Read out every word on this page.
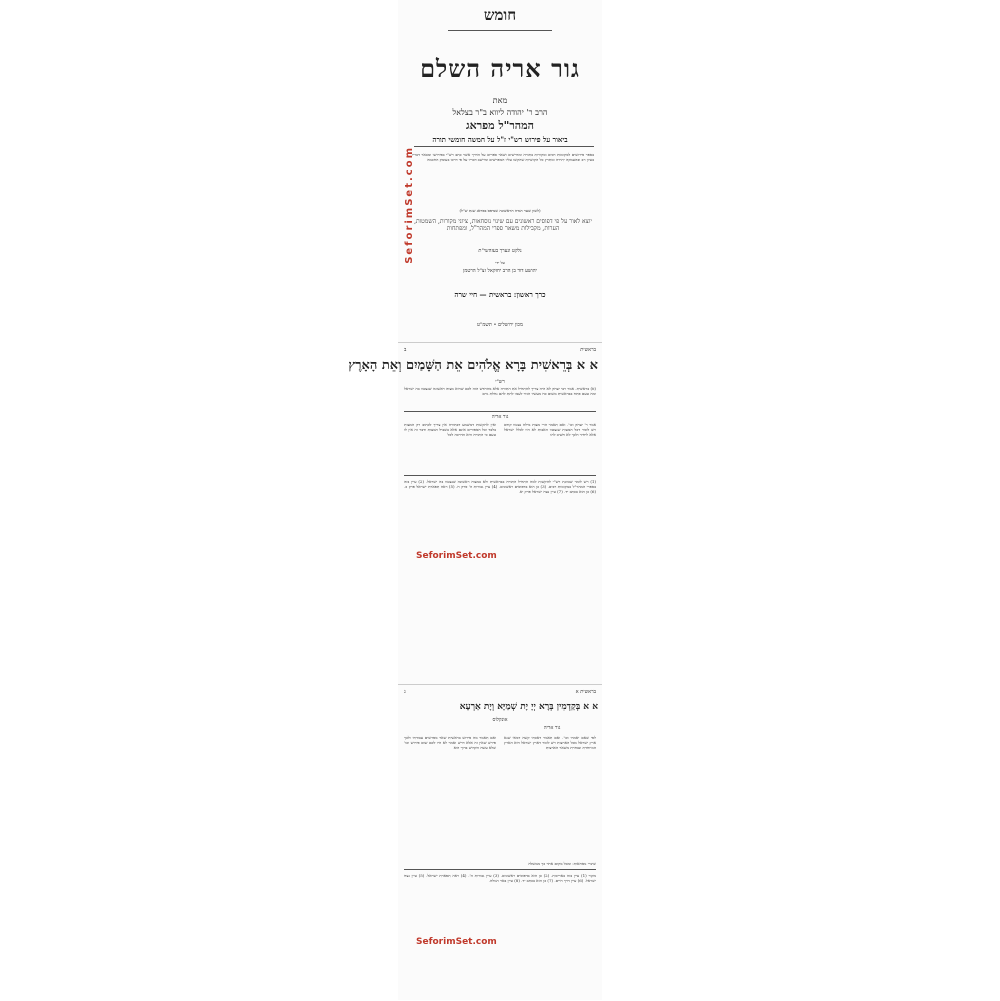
חומש
גור אריה השלם
מאת
הרב ר' יהודה ליווא ב"ר בצלאל
המהר"ל מפראג
ביאור על פירוש רש"י ז"ל על חמשה חומשי תורה
בספר פירושים למקומות רבים ומקורות בתורה ומדרשים ושאר ספרים על הדרך אשר כתב רש"י בפירושו ומבאר דבריו בעיון רב ובהעמקה יתירה ומתרץ כל הקושיות שהקשו עליו המפרשים ומיישב דבריו על פי דרכו בעומק החכמה
(לשון שער הגדה הראשונה שנדפס בפראג שנת ש"ל)
יוצא לאור על פי דפוסים ראשונים עם שינוי נוסחאות, ציוני מקורות, השמטות, הערות, מקבילות משאר ספרי המהר"ל, ומפתחות
נלקט ונערך בעזהשי"ת
על ידי
יהושע דוד בן הרב יחזקאל זצ"ל הרטמן
כרך ראשון: בראשית — חיי שרה
מכון ירושלים • תשמ"ט
SeforimSet.com
ב	בראשית
א א בְּרֵאשִׁית בָּרָא אֱלֹהִים אֵת הַשָּׁמַיִם וְאֵת הָאָרֶץ
רש"י
(א) בראשית. אמר רבי יצחק לא היה צריך להתחיל את התורה אלא מהחדש הזה לכם שהיא מצוה ראשונה שנצטוו בה ישראל ומה טעם פתח בבראשית משום כח מעשיו הגיד לעמו לתת להם נחלת גוים
גור אריה
אמר ר' יצחק וכו'. ואם תאמר הרי מצות מילה נצטוו קודם ויש לומר דכל המצות שנצטוו האבות לא היו לכלל ישראל אלא ליחיד ולכך לא חשיב להו
ואין להקשות דמשמע דבתורה אין צריך לכתוב רק המצות בלבד וכל הספורים אינם אלא בשביל המצות ודבר זה אין לו טעם כי התורה היא הדרכה לכל
(1) ויש לומר שכוונת רש"י להקשות למה התחיל התורה בבראשית ולא במצוה ראשונה שנצטוו בה ישראל. (2) עיין בזה בספרי המהר"ל במקומות רבים. (3) כן הוא בדפוסים ראשונים. (4) עיין גבורות ה' פרק ח. (5) ראה תפארת ישראל פרק כ. (6) כן הוא בכתב יד. (7) עיין נצח ישראל פרק יא.
SeforimSet.com
ג	בראשית א
א א בְּקַדְמִין בְּרָא יְיָ יָת שְׁמַיָּא וְיָת אַרְעָא
אונקלוס
גור אריה
לפי שאם יאמרו וכו'. ואם תאמר דאכתי קשה דמאי שנא ארץ ישראל מכל הארצות ויש לומר דארץ ישראל היא הארץ המיוחדת ונבחרת משאר הארצות
ואם תאמר מה פירוש בראשית שאר מפרשים עבודתי ולכך פירש שאין זה אלא דרש ואמר לא היו לכם שום פירוש וכו' שלא עשה הקדוש ברוך הוא
שינויי נוסחאות: ומכל מקום אחר כך ממשלה
מקור (1) עיין בזה באריכות. (2) כן הוא בדפוסים ראשונים. (3) עיין גבורות ה'. (4) ראה תפארת ישראל. (5) עיין נצח ישראל. (6) עיין דרך חיים. (7) כן הוא בכתב יד. (8) עיין באר הגולה.
SeforimSet.com
